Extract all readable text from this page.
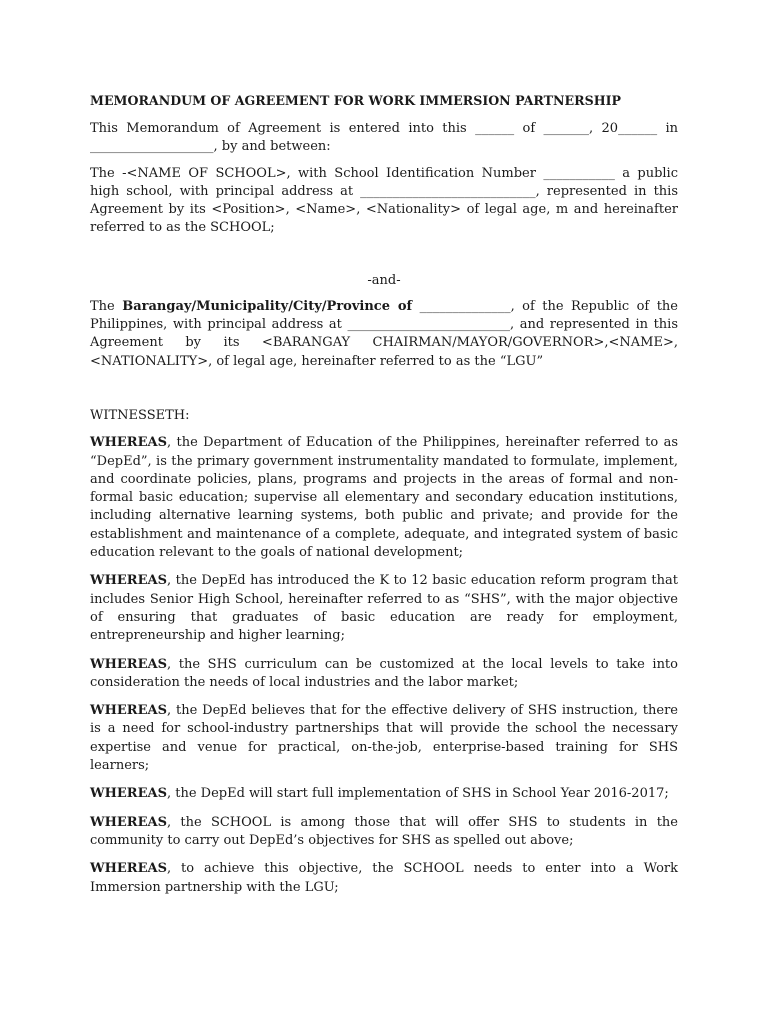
MEMORANDUM OF AGREEMENT FOR WORK IMMERSION PARTNERSHIP

This Memorandum of Agreement is entered into this ______ of _______, 20______ in ___________________, by and between:

The -<NAME OF SCHOOL>, with School Identification Number ___________ a public high school, with principal address at ___________________________, represented in this Agreement by its <Position>, <Name>, <Nationality> of legal age, m and hereinafter referred to as the SCHOOL;

-and-

The Barangay/Municipality/City/Province of ______________, of the Republic of the Philippines, with principal address at _________________________, and represented in this Agreement by its <BARANGAY CHAIRMAN/MAYOR/GOVERNOR>,<NAME>, <NATIONALITY>, of legal age, hereinafter referred to as the “LGU”

WITNESSETH:

WHEREAS, the Department of Education of the Philippines, hereinafter referred to as “DepEd”, is the primary government instrumentality mandated to formulate, implement, and coordinate policies, plans, programs and projects in the areas of formal and non-formal basic education; supervise all elementary and secondary education institutions, including alternative learning systems, both public and private; and provide for the establishment and maintenance of a complete, adequate, and integrated system of basic education relevant to the goals of national development;

WHEREAS, the DepEd has introduced the K to 12 basic education reform program that includes Senior High School, hereinafter referred to as “SHS”, with the major objective of ensuring that graduates of basic education are ready for employment, entrepreneurship and higher learning;

WHEREAS, the SHS curriculum can be customized at the local levels to take into consideration the needs of local industries and the labor market;

WHEREAS, the DepEd believes that for the effective delivery of SHS instruction, there is a need for school-industry partnerships that will provide the school the necessary expertise and venue for practical, on-the-job, enterprise-based training for SHS learners;

WHEREAS, the DepEd will start full implementation of SHS in School Year 2016-2017;

WHEREAS, the SCHOOL is among those that will offer SHS to students in the community to carry out DepEd’s objectives for SHS as spelled out above;

WHEREAS, to achieve this objective, the SCHOOL needs to enter into a Work Immersion partnership with the LGU;
